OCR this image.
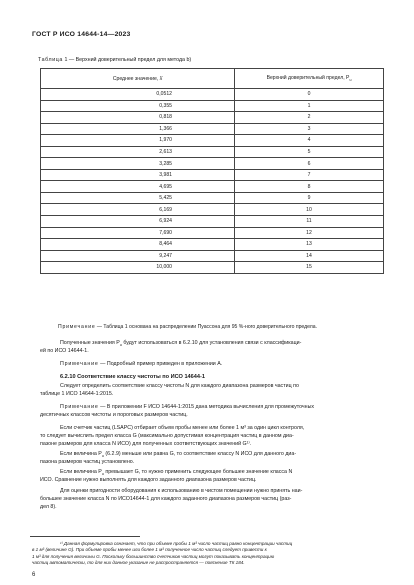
ГОСТ Р ИСО 14644-14—2023
Таблица 1 — Верхний доверительный предел для метода b)
Среднее значение, λ̄	Верхний доверительный предел, $P_u$
0,0512	0
0,355	1
0,818	2
1,366	3
1,970	4
2,613	5
3,285	6
3,981	7
4,695	8
5,425	9
6,169	10
6,924	11
7,690	12
8,464	13
9,247	14
10,000	15
Примечание — Таблица 1 основана на распределении Пуассона для 95 %-ного доверительного предела.
Полученные значения $P_u$ будут использоваться в 6.2.10 для установления связи с классификаци-
ей по ИСО 14644-1.
Примечание — Подробный пример приведен в приложении А.
6.2.10 Соответствие классу чистоты по ИСО 14644-1
Следует определить соответствие классу чистоты N для каждого диапазона размеров частиц по
таблице 1 ИСО 14644-1:2015.
Примечание — В приложении F ИСО 14644-1:2015 дана методика вычисления для промежуточных
десятичных классов чистоты и пороговых размеров частиц.
Если счетчик частиц (LSAPC) отбирает объем пробы менее или более 1 м³ за один цикл контроля,
то следует вычислить предел класса G (максимально допустимая концентрация частиц в данном диа-
пазоне размеров для класса N ИСО) для полученных соответствующих значений G¹⁾.
Если величина $P_u$ (6.2.9) меньше или равна G, то соответствие классу N ИСО для данного диа-
пазона размеров частиц установлено.
Если величина $P_u$ превышает G, то нужно применить следующее большее значение класса N
ИСО. Сравнение нужно выполнять для каждого заданного диапазона размеров частиц.
Для оценки пригодности оборудования к использованию в чистом помещении нужно принять наи-
большее значение класса N по ИСО14644-1 для каждого заданного диапазона размеров частиц (раз-
дел 8).
¹⁾ Данная формулировка означает, что при объеме пробы 1 м³ число частиц равно концентрации частиц
в 1 м³ (величине G). При объеме пробы менее или более 1 м³ полученное число частиц следует привести к
1 м³ для получения величины G. Поскольку большинство счетчиков частиц могут показывать концентрацию
частиц автоматически, то для них данное указание не распространяется — пояснение ТК 184.
6
